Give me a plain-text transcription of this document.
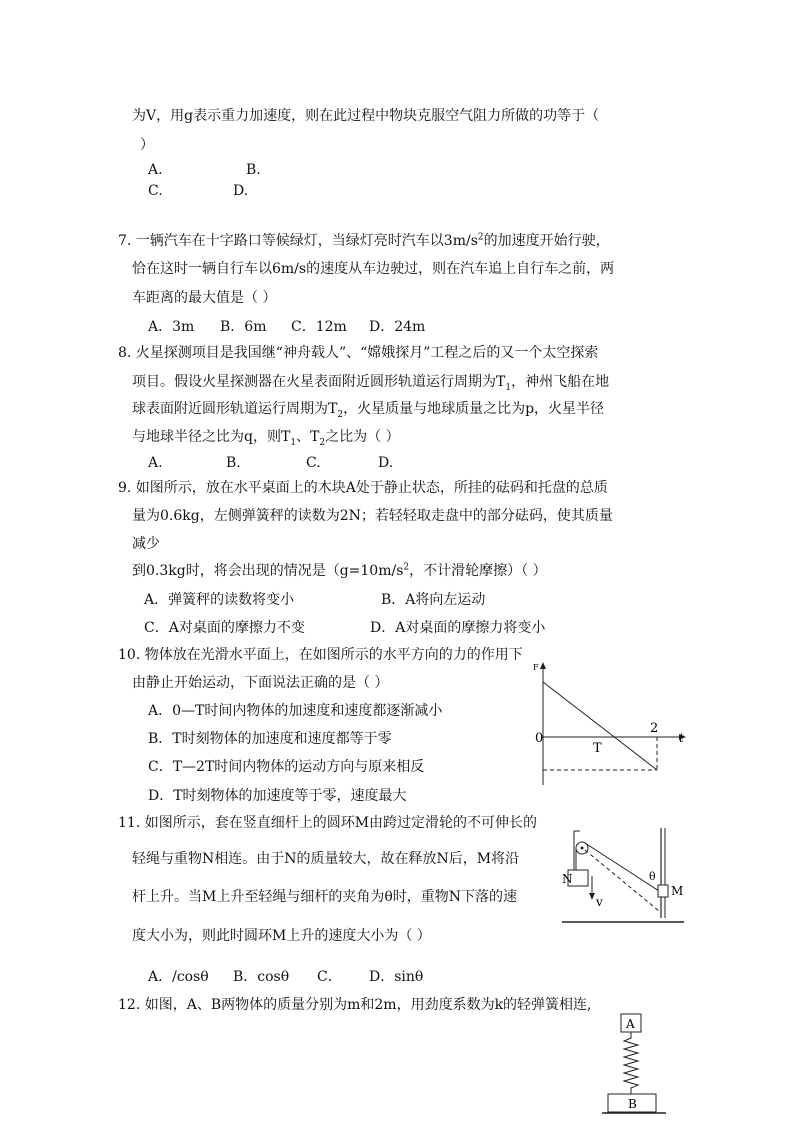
为V，用g表示重力加速度，则在此过程中物块克服空气阻力所做的功等于（
）
A.	B.
C.	D.
7. 一辆汽车在十字路口等候绿灯，当绿灯亮时汽车以$3m/s^2$的加速度开始行驶，
恰在这时一辆自行车以6m/s的速度从车边驶过，则在汽车追上自行车之前，两
车距离的最大值是（ ）
A．3m B．6m C．12m D．24m
8. 火星探测项目是我国继“神舟载人”、“嫦娥探月”工程之后的又一个太空探索
项目。假设火星探测器在火星表面附近圆形轨道运行周期为$T_1$，神州飞船在地
球表面附近圆形轨道运行周期为$T_2$，火星质量与地球质量之比为p，火星半径
与地球半径之比为q，则$T_1$、$T_2$之比为（ ）
A.	B.	C.	D.
9. 如图所示，放在水平桌面上的木块A处于静止状态，所挂的砝码和托盘的总质
量为0.6kg，左侧弹簧秤的读数为2N；若轻轻取走盘中的部分砝码，使其质量
减少
到0.3kg时，将会出现的情况是（$g=10m/s^2$，不计滑轮摩擦）（ ）
A．弹簧秤的读数将变小	B．A将向左运动
C．A对桌面的摩擦力不变	D．A对桌面的摩擦力将变小
10. 物体放在光滑水平面上，在如图所示的水平方向的力的作用下
由静止开始运动，下面说法正确的是（ ）
A．0—T时间内物体的加速度和速度都逐渐减小
B．T时刻物体的加速度和速度都等于零
C．T—2T时间内物体的运动方向与原来相反
D．T时刻物体的加速度等于零，速度最大
0
T
2
t
F
11. 如图所示，套在竖直细杆上的圆环M由跨过定滑轮的不可伸长的
轻绳与重物N相连。由于N的质量较大，故在释放N后，M将沿
杆上升。当M上升至轻绳与细杆的夹角为θ时，重物N下落的速
度大小为，则此时圆环M上升的速度大小为（ ）
A．/cosθ B．cosθ C． D．sinθ
N
v
M
θ
12. 如图，A、B两物体的质量分别为m和2m，用劲度系数为k的轻弹簧相连,
A
B
